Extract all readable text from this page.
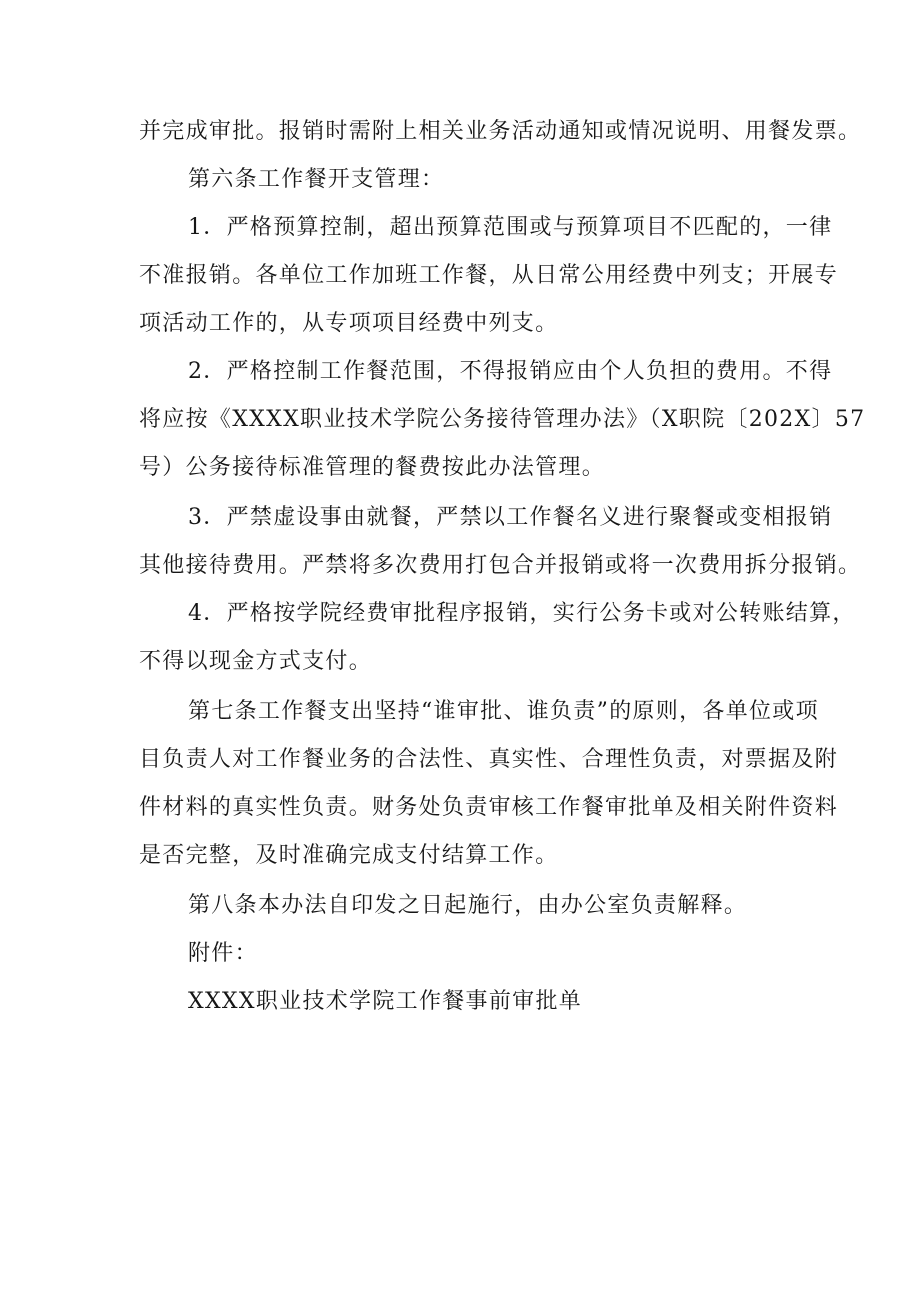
并完成审批。报销时需附上相关业务活动通知或情况说明、用餐发票。
第六条工作餐开支管理：
1．严格预算控制，超出预算范围或与预算项目不匹配的，一律
不准报销。各单位工作加班工作餐，从日常公用经费中列支；开展专
项活动工作的，从专项项目经费中列支。
2．严格控制工作餐范围，不得报销应由个人负担的费用。不得
将应按《XXXX职业技术学院公务接待管理办法》（X职院〔202X〕57
号）公务接待标准管理的餐费按此办法管理。
3．严禁虚设事由就餐，严禁以工作餐名义进行聚餐或变相报销
其他接待费用。严禁将多次费用打包合并报销或将一次费用拆分报销。
4．严格按学院经费审批程序报销，实行公务卡或对公转账结算，
不得以现金方式支付。
第七条工作餐支出坚持“谁审批、谁负责”的原则，各单位或项
目负责人对工作餐业务的合法性、真实性、合理性负责，对票据及附
件材料的真实性负责。财务处负责审核工作餐审批单及相关附件资料
是否完整，及时准确完成支付结算工作。
第八条本办法自印发之日起施行，由办公室负责解释。
附件：
XXXX职业技术学院工作餐事前审批单
